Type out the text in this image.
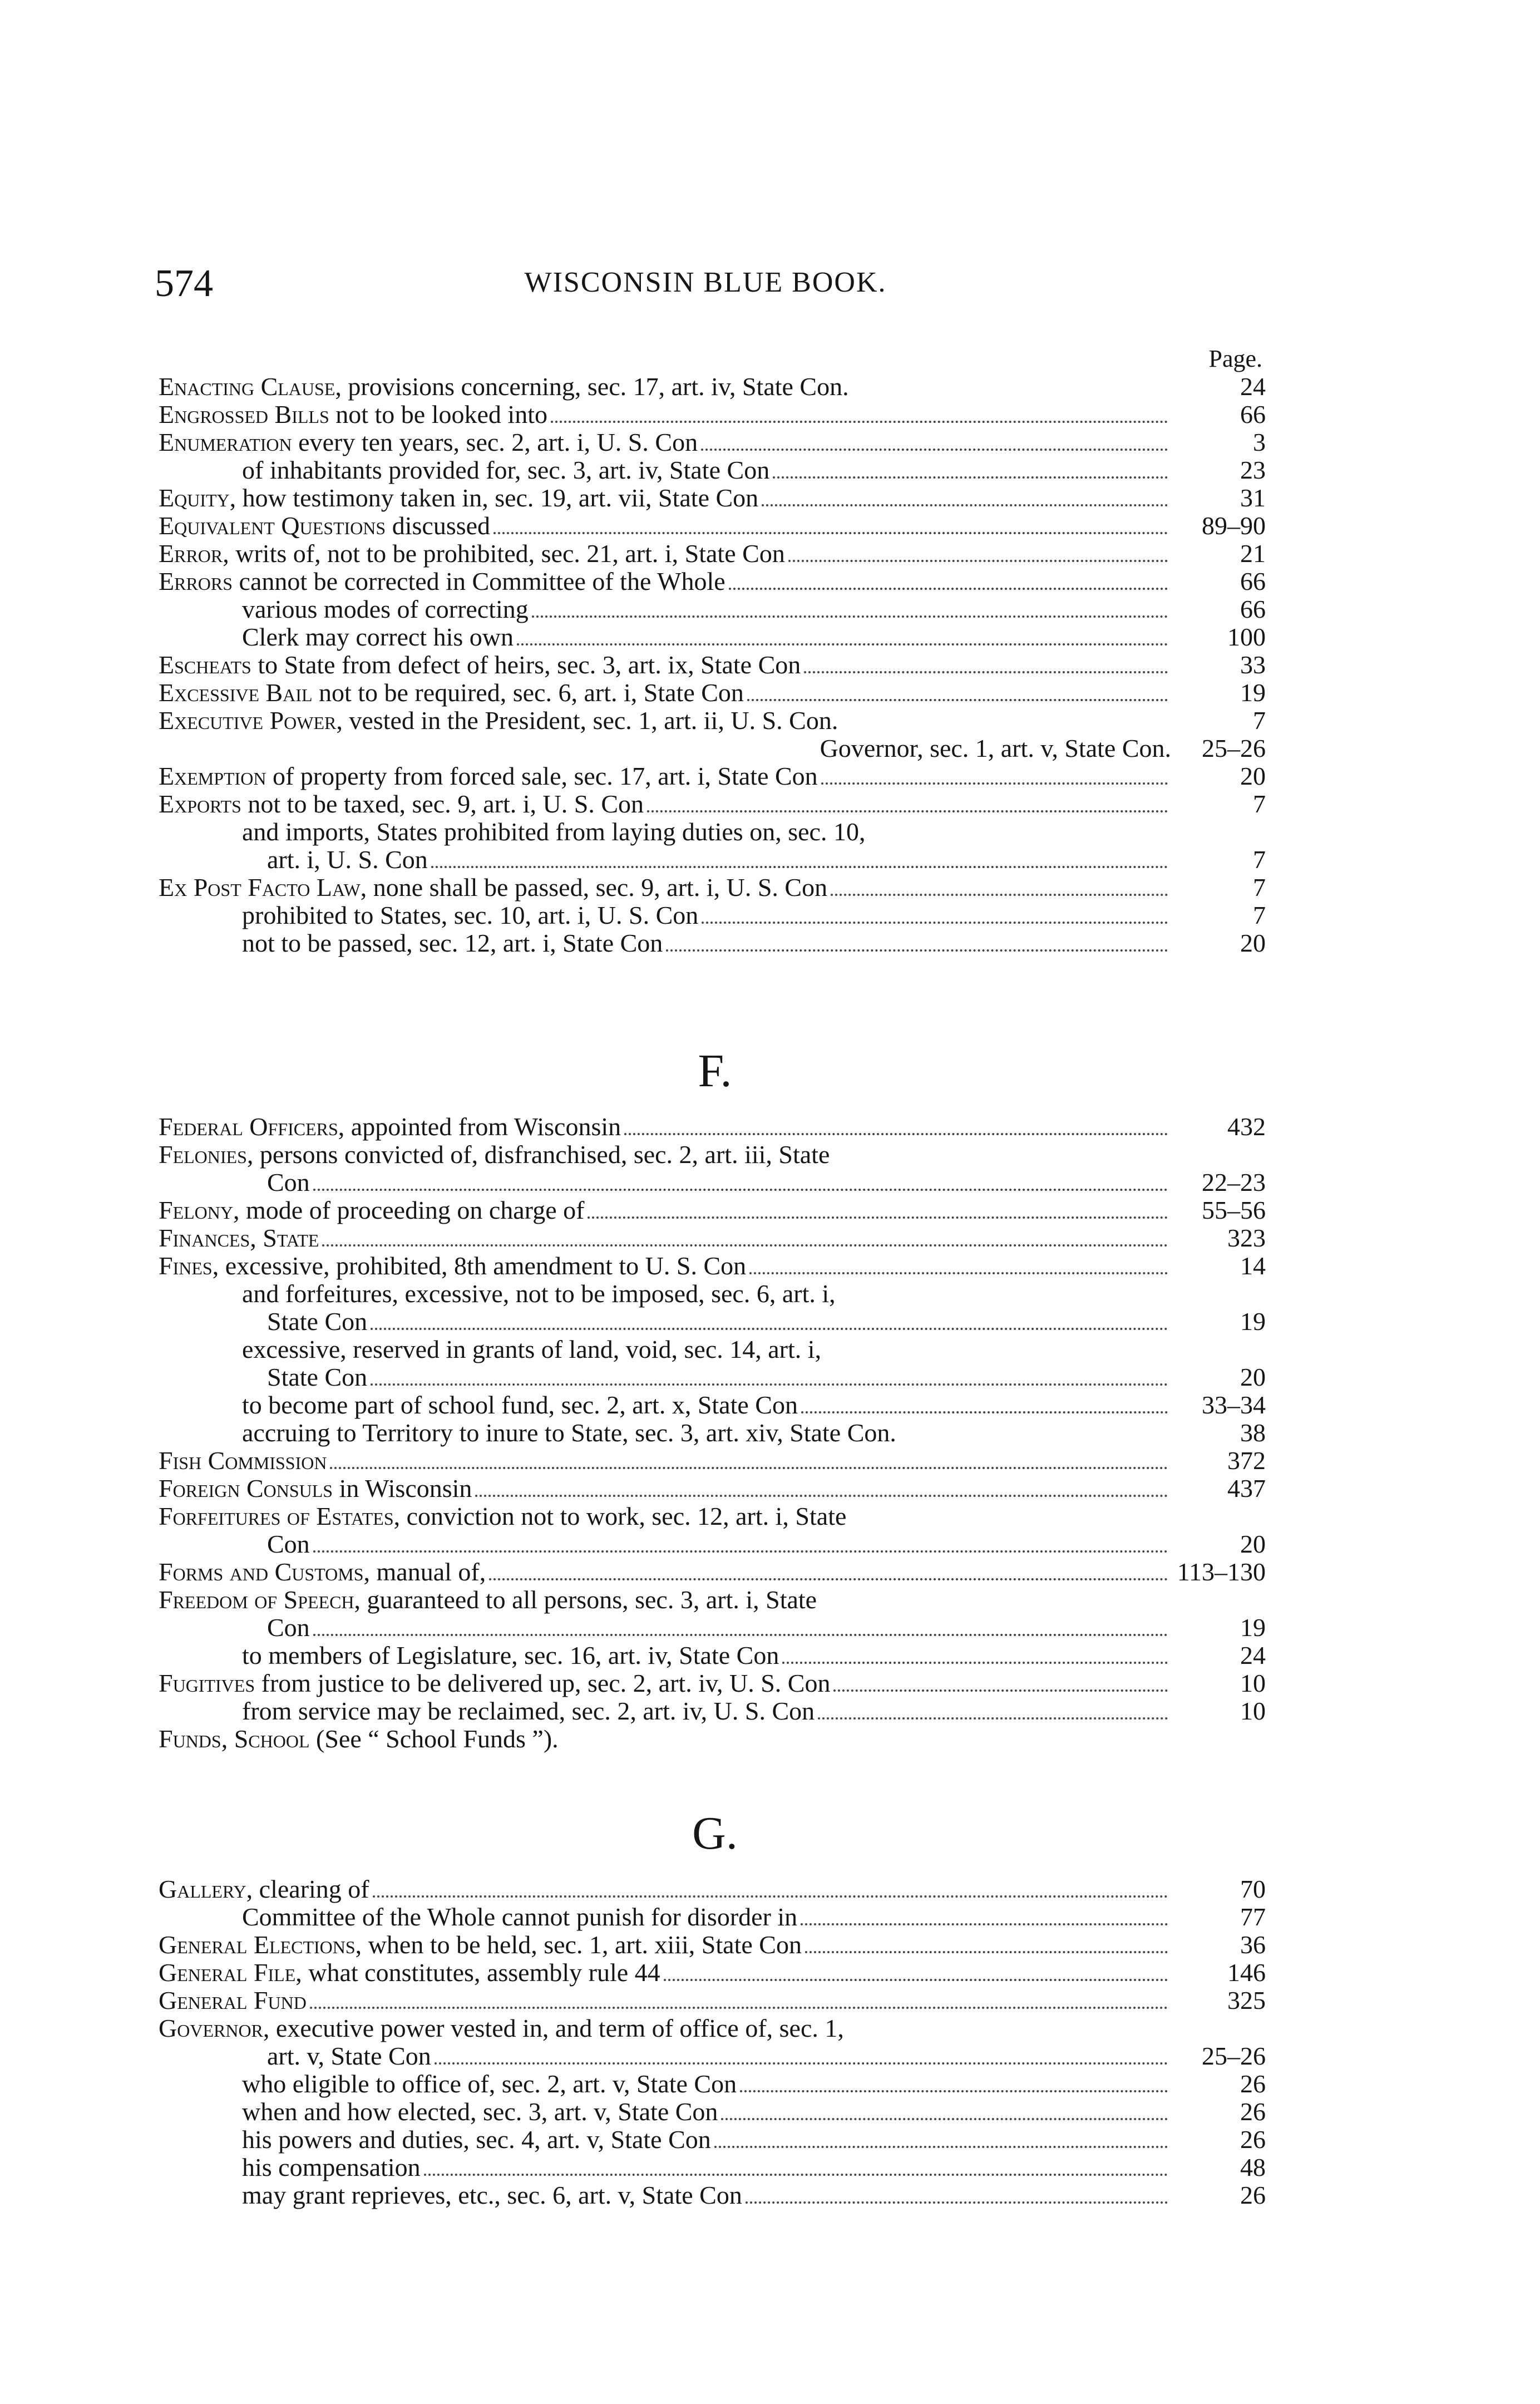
574	WISCONSIN BLUE BOOK.
Page.
Enacting Clause, provisions concerning, sec. 17, art. iv, State Con.	24
Engrossed Bills not to be looked into	66
Enumeration every ten years, sec. 2, art. i, U. S. Con	3
of inhabitants provided for, sec. 3, art. iv, State Con	23
Equity, how testimony taken in, sec. 19, art. vii, State Con	31
Equivalent Questions discussed	89–90
Error, writs of, not to be prohibited, sec. 21, art. i, State Con	21
Errors cannot be corrected in Committee of the Whole	66
various modes of correcting	66
Clerk may correct his own	100
Escheats to State from defect of heirs, sec. 3, art. ix, State Con	33
Excessive Bail not to be required, sec. 6, art. i, State Con	19
Executive Power, vested in the President, sec. 1, art. ii, U. S. Con.	7
Governor, sec. 1, art. v, State Con.	25–26
Exemption of property from forced sale, sec. 17, art. i, State Con	20
Exports not to be taxed, sec. 9, art. i, U. S. Con	7
and imports, States prohibited from laying duties on, sec. 10,
art. i, U. S. Con	7
Ex Post Facto Law, none shall be passed, sec. 9, art. i, U. S. Con	7
prohibited to States, sec. 10, art. i, U. S. Con	7
not to be passed, sec. 12, art. i, State Con	20
F.
Federal Officers, appointed from Wisconsin	432
Felonies, persons convicted of, disfranchised, sec. 2, art. iii, State
Con	22–23
Felony, mode of proceeding on charge of	55–56
Finances, State	323
Fines, excessive, prohibited, 8th amendment to U. S. Con	14
and forfeitures, excessive, not to be imposed, sec. 6, art. i,
State Con	19
excessive, reserved in grants of land, void, sec. 14, art. i,
State Con	20
to become part of school fund, sec. 2, art. x, State Con	33–34
accruing to Territory to inure to State, sec. 3, art. xiv, State Con.	38
Fish Commission	372
Foreign Consuls in Wisconsin	437
Forfeitures of Estates, conviction not to work, sec. 12, art. i, State
Con	20
Forms and Customs, manual of,	113–130
Freedom of Speech, guaranteed to all persons, sec. 3, art. i, State
Con	19
to members of Legislature, sec. 16, art. iv, State Con	24
Fugitives from justice to be delivered up, sec. 2, art. iv, U. S. Con	10
from service may be reclaimed, sec. 2, art. iv, U. S. Con	10
Funds, School (See “ School Funds ”).
G.
Gallery, clearing of	70
Committee of the Whole cannot punish for disorder in	77
General Elections, when to be held, sec. 1, art. xiii, State Con	36
General File, what constitutes, assembly rule 44	146
General Fund	325
Governor, executive power vested in, and term of office of, sec. 1,
art. v, State Con	25–26
who eligible to office of, sec. 2, art. v, State Con	26
when and how elected, sec. 3, art. v, State Con	26
his powers and duties, sec. 4, art. v, State Con	26
his compensation	48
may grant reprieves, etc., sec. 6, art. v, State Con	26
